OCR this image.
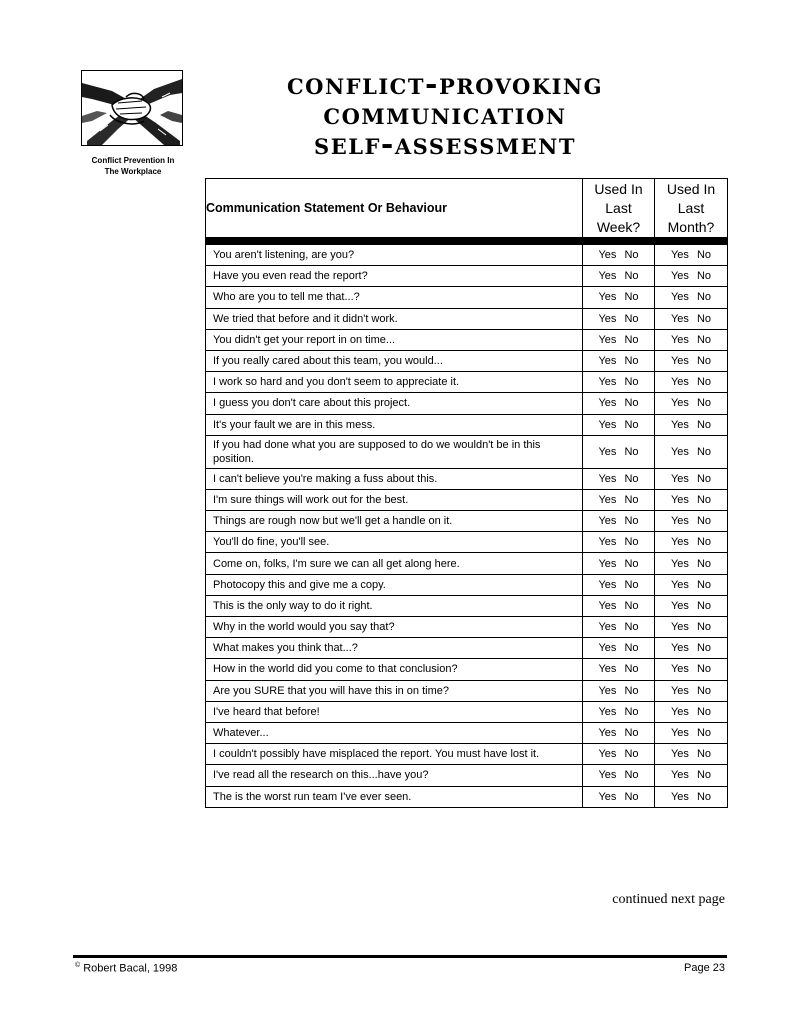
Conflict Prevention In
The Workplace
conflict-provoking
communication
self-assessment
Communication Statement Or Behaviour	Used In
Last
Week?	Used In
Last
Month?

You aren't listening, are you?	Yes No	Yes No
Have you even read the report?	Yes No	Yes No
Who are you to tell me that...?	Yes No	Yes No
We tried that before and it didn't work.	Yes No	Yes No
You didn't get your report in on time...	Yes No	Yes No
If you really cared about this team, you would...	Yes No	Yes No
I work so hard and you don't seem to appreciate it.	Yes No	Yes No
I guess you don't care about this project.	Yes No	Yes No
It's your fault we are in this mess.	Yes No	Yes No
If you had done what you are supposed to do we wouldn't be in this position.	Yes No	Yes No
I can't believe you're making a fuss about this.	Yes No	Yes No
I'm sure things will work out for the best.	Yes No	Yes No
Things are rough now but we'll get a handle on it.	Yes No	Yes No
You'll do fine, you'll see.	Yes No	Yes No
Come on, folks, I'm sure we can all get along here.	Yes No	Yes No
Photocopy this and give me a copy.	Yes No	Yes No
This is the only way to do it right.	Yes No	Yes No
Why in the world would you say that?	Yes No	Yes No
What makes you think that...?	Yes No	Yes No
How in the world did you come to that conclusion?	Yes No	Yes No
Are you SURE that you will have this in on time?	Yes No	Yes No
I've heard that before!	Yes No	Yes No
Whatever...	Yes No	Yes No
I couldn't possibly have misplaced the report. You must have lost it.	Yes No	Yes No
I've read all the research on this...have you?	Yes No	Yes No
The is the worst run team I've ever seen.	Yes No	Yes No
continued next page
© Robert Bacal, 1998	Page 23
